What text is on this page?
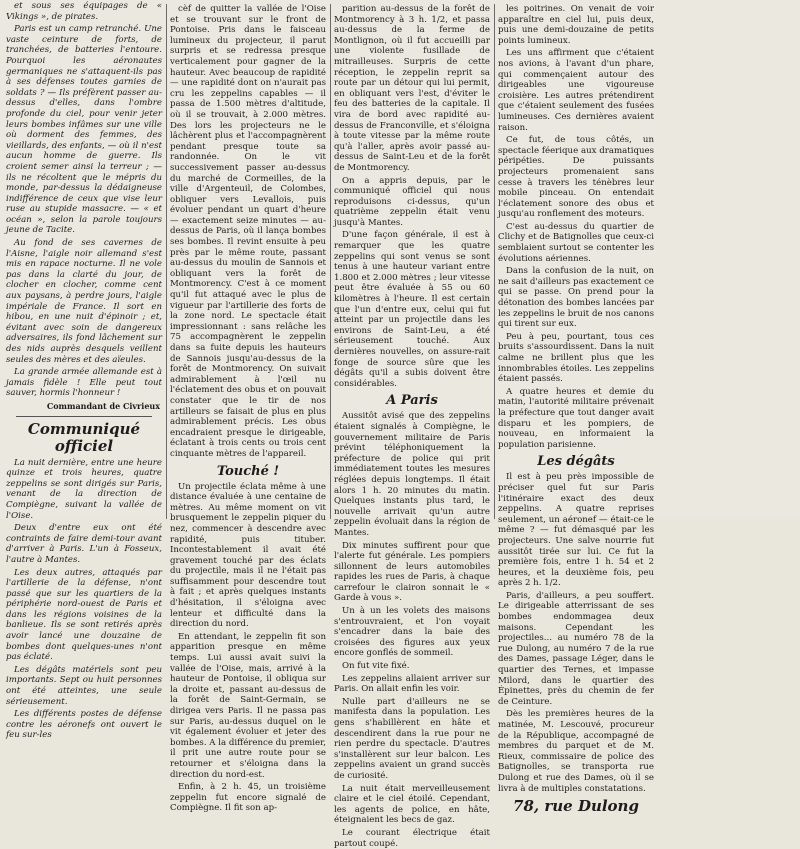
et sous ses équipages de « Vikings », de pirates.

Paris est un camp retranché. Une vaste ceinture de forts, de tranchées, de batteries l'entoure. Pourquoi les aéronautes germaniques ne s'attaquent-ils pas à ses défenses toutes garnies de soldats ? — Ils préfèrent passer au-dessus d'elles, dans l'ombre profonde du ciel, pour venir jeter leurs bombes infâmes sur une ville où dorment des femmes, des vieillards, des enfants, — où il n'est aucun homme de guerre. Ils croient semer ainsi la terreur ; — ils ne récoltent que le mépris du monde, par-dessus la dédaigneuse indifférence de ceux que vise leur ruse au stupide massacre. — « et océan », selon la parole toujours jeune de Tacite.

Au fond de ses cavernes de l'Aisne, l'aigle noir allemand s'est mis en rapace nocturne. Il ne vole pas dans la clarté du jour, de clocher en clocher, comme cent aux paysans, à perdre jours, l'aigle impériale de France. Il sort en hibou, en une nuit d'épinoir ; et, évitant avec soin de dangereux adversaires, ils fond lâchement sur des nids auprès desquels veillent seules des mères et des aïeules.

La grande armée allemande est à jamais fidèle ! Elle peut tout sauver, hormis l'honneur !

Commandant de Civrieux
Communiqué officiel

La nuit dernière, entre une heure quinze et trois heures, quatre zeppelins se sont dirigés sur Paris, venant de la direction de Compiègne, suivant la vallée de l'Oise.

Deux d'entre eux ont été contraints de faire demi-tour avant d'arriver à Paris. L'un à Fosseux, l'autre à Mantes.

Les deux autres, attaqués par l'artillerie de la défense, n'ont passé que sur les quartiers de la périphérie nord-ouest de Paris et dans les régions voisines de la banlieue. Ils se sont retirés après avoir lancé une douzaine de bombes dont quelques-unes n'ont pas éclaté.

Les dégâts matériels sont peu importants. Sept ou huit personnes ont été atteintes, une seule sérieusement.

Les différents postes de défense contre les aéronefs ont ouvert le feu sur-les

cèf de quitter la vallée de l'Oise et se trouvant sur le front de Pontoise. Pris dans le faisceau lumineux du projecteur, il parut surpris et se redressa presque verticalement pour gagner de la hauteur. Avec beaucoup de rapidité — une rapidité dont on n'aurait pas cru les zeppelins capables — il passa de 1.500 mètres d'altitude, où il se trouvait, à 2.000 mètres. Des lors les projecteurs ne le lâchèrent plus et l'accompagnèrent pendant presque toute sa randonnée. On le vit successivement passer au-dessus du marché de Cormeilles, de la ville d'Argenteuil, de Colombes, obliquer vers Levallois, puis évoluer pendant un quart d'heure — exactement seize minutes — au-dessus de Paris, où il lança bombes ses bombes. Il revint ensuite à peu près par le même route, passant au-dessus du moulin de Sannois et obliquant vers la forêt de Montmorency. C'est à ce moment qu'il fut attaqué avec le plus de vigueur par l'artillerie des forts de la zone nord. Le spectacle était impressionnant : sans relâche les 75 accompagnèrent le zeppelin dans sa fuite depuis les hauteurs de Sannois jusqu'au-dessus de la forêt de Montmorency. On suivait admirablement à l'œil nu l'éclatement des obus et on pouvait constater que le tir de nos artilleurs se faisait de plus en plus admirablement précis. Les obus encadraient presque le dirigeable, éclatant à trois cents ou trois cent cinquante mètres de l'appareil.

Touché !

Un projectile éclata même à une distance évaluée à une centaine de mètres. Au même moment on vit brusquement le zeppelin piquer du nez, commencer à descendre avec rapidité, puis tituber. Incontestablement il avait été gravement touché par des éclats du projectile, mais il ne l'était pas suffisamment pour descendre tout à fait ; et après quelques instants d'hésitation, il s'éloigna avec lenteur et difficulté dans la direction du nord.

En attendant, le zeppelin fit son apparition presque en même temps. Lui aussi avait suivi la vallée de l'Oise, mais, arrivé à la hauteur de Pontoise, il obliqua sur la droite et, passant au-dessus de la forêt de Saint-Germain, se dirigea vers Paris. Il ne passa pas sur Paris, au-dessus duquel on le vit également évoluer et jeter des bombes. A la différence du premier, il prit une autre route pour se retourner et s'éloigna dans la direction du nord-est.

Enfin, à 2 h. 45, un troisième zeppelin fut encore signalé de Compiègne. Il fit son ap-

parition au-dessus de la forêt de Montmorency à 3 h. 1/2, et passa au-dessus de la ferme de Montlignon, où il fut accueilli par une violente fusillade de mitrailleuses. Surpris de cette réception, le zeppelin reprit sa route par un détour qui lui permit, en obliquant vers l'est, d'éviter le feu des batteries de la capitale. Il vira de bord avec rapidité au-dessus de Franconville, et s'éloigna à toute vitesse par la même route qu'à l'aller, après avoir passé au-dessus de Saint-Leu et de la forêt de Montmorency.

On a appris depuis, par le communiqué officiel qui nous reproduisons ci-dessus, qu'un quatrième zeppelin était venu jusqu'à Mantes.

D'une façon générale, il est à remarquer que les quatre zeppelins qui sont venus se sont tenus à une hauteur variant entre 1.800 et 2.000 mètres ; leur vitesse peut être évaluée à 55 ou 60 kilomètres à l'heure. Il est certain que l'un d'entre eux, celui qui fut atteint par un projectile dans les environs de Saint-Leu, a été sérieusement touché. Aux dernières nouvelles, on assure-rait fonge de source sûre que les dégâts qu'il a subis doivent être considérables.

A Paris

Aussitôt avisé que des zeppelins étaient signalés à Compiègne, le gouvernement militaire de Paris prévint téléphoniquement la préfecture de police qui prit immédiatement toutes les mesures réglées depuis longtemps. Il était alors 1 h. 20 minutes du matin. Quelques instants plus tard, le nouvelle arrivait qu'un autre zeppelin évoluait dans la région de Mantes.

Dix minutes suffirent pour que l'alerte fut générale. Les pompiers sillonnent de leurs automobiles rapides les rues de Paris, à chaque carrefour le clairon sonnait le « Garde à vous ».

Un à un les volets des maisons s'entrouvraient, et l'on voyait s'encadrer dans la baie des croisées des figures aux yeux encore gonflés de sommeil.

On fut vite fixé.

Les zeppelins allaient arriver sur Paris. On allait enfin les voir.

Nulle part d'ailleurs ne se manifesta dans la population. Les gens s'habillèrent en hâte et descendirent dans la rue pour ne rien perdre du spectacle. D'autres s'installèrent sur leur balcon. Les zeppelins avaient un grand succès de curiosité.

La nuit était merveilleusement claire et le ciel étoilé. Cependant, les agents de police, en hâte, éteignaient les becs de gaz.

Le courant électrique était partout coupé.

les poitrines. On venait de voir apparaître en ciel lui, puis deux, puis une demi-douzaine de petits points lumineux.

Les uns affirment que c'étaient nos avions, à l'avant d'un phare, qui commençaient autour des dirigeables une vigoureuse croisière. Les autres prétendirent que c'étaient seulement des fusées lumineuses. Ces dernières avaient raison.

Ce fut, de tous côtés, un spectacle féerique aux dramatiques péripéties. De puissants projecteurs promenaient sans cesse à travers les ténèbres leur mobile pinceau. On entendait l'éclatement sonore des obus et jusqu'au ronflement des moteurs.

C'est au-dessus du quartier de Clichy et de Batignolles que ceux-ci semblaient surtout se contenter les évolutions aériennes.

Dans la confusion de la nuit, on ne sait d'ailleurs pas exactement ce qui se passe. On prend pour la détonation des bombes lancées par les zeppelins le bruit de nos canons qui tirent sur eux.

Peu à peu, pourtant, tous ces bruits s'assourdissent. Dans la nuit calme ne brillent plus que les innombrables étoiles. Les zeppelins étaient passés.

A quatre heures et demie du matin, l'autorité militaire prévenait la préfecture que tout danger avait disparu et les pompiers, de nouveau, en informaient la population parisienne.

Les dégâts

Il est à peu près impossible de préciser quel fut sur Paris l'itinéraire exact des deux zeppelins. A quatre reprises seulement, un aéronef — était-ce le même ? — fut démasqué par les projecteurs. Une salve nourrie fut aussitôt tirée sur lui. Ce fut la première fois, entre 1 h. 54 et 2 heures, et la deuxième fois, peu après 2 h. 1/2.

Paris, d'ailleurs, a peu souffert. Le dirigeable atterrissant de ses bombes endommagea deux maisons. Cependant les projectiles... au numéro 78 de la rue Dulong, au numéro 7 de la rue des Dames, passage Léger, dans le quartier des Ternes, et impasse Milord, dans le quartier des Épinettes, près du chemin de fer de Ceinture.

Dès les premières heures de la matinée, M. Lescouvé, procureur de la République, accompagné de membres du parquet et de M. Rieux, commissaire de police des Batignolles, se transporta rue Dulong et rue des Dames, où il se livra à de multiples constatations.

78, rue Dulong
